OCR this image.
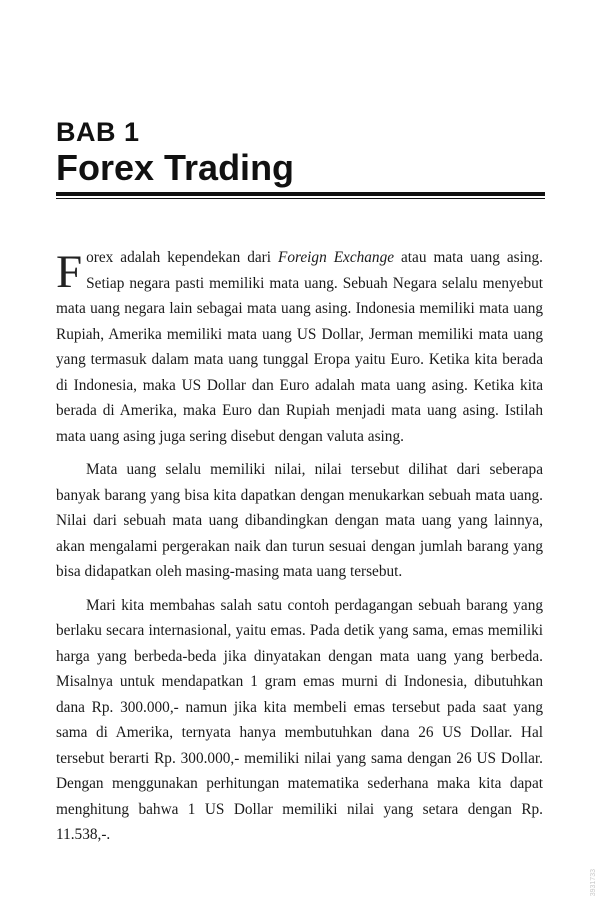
BAB 1
Forex Trading

Forex adalah kependekan dari Foreign Exchange atau mata uang asing. Setiap negara pasti memiliki mata uang. Sebuah Negara selalu menyebut mata uang negara lain sebagai mata uang asing. Indonesia memiliki mata uang Rupiah, Amerika memiliki mata uang US Dollar, Jerman memiliki mata uang yang termasuk dalam mata uang tunggal Eropa yaitu Euro. Ketika kita berada di Indonesia, maka US Dollar dan Euro adalah mata uang asing. Ketika kita berada di Amerika, maka Euro dan Rupiah menjadi mata uang asing. Istilah mata uang asing juga sering disebut dengan valuta asing.

Mata uang selalu memiliki nilai, nilai tersebut dilihat dari seberapa banyak barang yang bisa kita dapatkan dengan menukarkan sebuah mata uang. Nilai dari sebuah mata uang dibandingkan dengan mata uang yang lainnya, akan mengalami pergerakan naik dan turun sesuai dengan jumlah barang yang bisa didapatkan oleh masing-masing mata uang tersebut.

Mari kita membahas salah satu contoh perdagangan sebuah barang yang berlaku secara internasional, yaitu emas. Pada detik yang sama, emas memiliki harga yang berbeda-beda jika dinyatakan dengan mata uang yang berbeda. Misalnya untuk mendapatkan 1 gram emas murni di Indonesia, dibutuhkan dana Rp. 300.000,- namun jika kita membeli emas tersebut pada saat yang sama di Amerika, ternyata hanya membutuhkan dana 26 US Dollar. Hal tersebut berarti Rp. 300.000,- memiliki nilai yang sama dengan 26 US Dollar. Dengan menggunakan perhitungan matematika sederhana maka kita dapat menghitung bahwa 1 US Dollar memiliki nilai yang setara dengan Rp. 11.538,-.

3931733
